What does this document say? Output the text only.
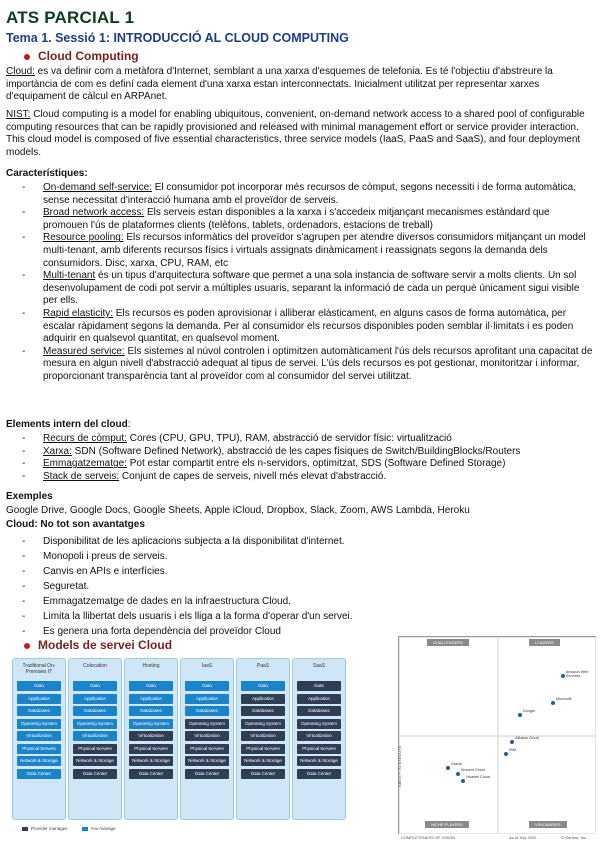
ATS PARCIAL 1
Tema 1. Sessió 1: INTRODUCCIÓ AL CLOUD COMPUTING
Cloud Computing
Cloud: es va definir com a metàfora d'Internet, semblant a una xarxa d'esquemes de telefonia. Es té l'objectiu d'abstreure la importància de com es definí cada element d'una xarxa estan interconnectats. Inicialment utilitzat per representar xarxes d'equipament de càlcul en ARPAnet.
NIST: Cloud computing is a model for enabling ubiquitous, convenient, on-demand network access to a shared pool of configurable computing resources that can be rapidly provisioned and released with minimal management effort or service provider interaction. This cloud model is composed of five essential characteristics, three service models (IaaS, PaaS and SaaS), and four deployment models.
Característiques:
- On-demand self-service: El consumidor pot incorporar més recursos de còmput, segons necessiti i de forma automàtica, sense necessitat d'interacció humana amb el proveïdor de serveis.
- Broad network access: Els serveis estan disponibles a la xarxa i s'accedeix mitjançant mecanismes estàndard que promouen l'ús de plataformes clients (telèfons, tablets, ordenadors, estacions de treball)
- Resource pooling: Els recursos informàtics del proveïdor s'agrupen per atendre diversos consumidors mitjançant un model multi-tenant, amb diferents recursos físics i virtuals assignats dinàmicament i reassignats segons la demanda dels consumidors. Disc, xarxa, CPU, RAM, etc
- Multi-tenant és un tipus d'arquitectura software que permet a una sola instancia de software servir a molts clients. Un sol desenvolupament de codi pot servir a múltiples usuaris, separant la informació de cada un perquè únicament sigui visible per ells.
- Rapid elasticity: Els recursos es poden aprovisionar i alliberar elàsticament, en alguns casos de forma automàtica, per escalar ràpidament segons la demanda. Per al consumidor els recursos disponibles poden semblar il·limitats i es poden adquirir en qualsevol quantitat, en qualsevol moment.
- Measured service: Els sistemes al núvol controlen i optimitzen automàticament l'ús dels recursos aprofitant una capacitat de mesura en algun nivell d'abstracció adequat al tipus de servei. L'ús dels recursos es pot gestionar, monitoritzar i informar, proporcionant transparència tant al proveïdor com al consumidor del servei utilitzat.
Elements intern del cloud:
- Recurs de còmput: Cores (CPU, GPU, TPU), RAM, abstracció de servidor físic: virtualització
- Xarxa: SDN (Software Defined Network), abstracció de les capes físiques de Switch/BuildingBlocks/Routers
- Emmagatzematge: Pot estar compartit entre els n-servidors, optimitzat, SDS (Software Defined Storage)
- Stack de serveis: Conjunt de capes de serveis, nivell més elevat d'abstracció.
Exemples
Google Drive, Google Docs, Google Sheets, Apple iCloud, Dropbox, Slack, Zoom, AWS Lambda, Heroku
Cloud: No tot son avantatges
- Disponibilitat de les aplicacions subjecta a la disponibilitat d'internet.
- Monopoli i preus de serveis.
- Canvis en APIs e interfícies.
- Seguretat.
- Emmagatzematge de dades en la infraestructura Cloud.
- Limita la llibertat dels usuaris i els lliga a la forma d'operar d'un servei.
- Es genera una forta dependència del proveïdor Cloud
Models de servei Cloud
Traditional On-Premises IT
Data
Application
Databases
Operating System
Virtualization
Physical Servers
Network & Storage
Data Center
Colocation
Data
Application
Databases
Operating System
Virtualization
Physical Servers
Network & Storage
Data Center
Hosting
Data
Application
Databases
Operating System
Virtualization
Physical Servers
Network & Storage
Data Center
IaaS
Data
Application
Databases
Operating System
Virtualization
Physical Servers
Network & Storage
Data Center
PaaS
Data
Application
Databases
Operating System
Virtualization
Physical Servers
Network & Storage
Data Center
SaaS
Data
Application
Databases
Operating System
Virtualization
Physical Servers
Network & Storage
Data Center
Provider manages	You manage
CHALLENGERS	LEADERS
NICHE PLAYERS	VISIONARIES
ABILITY TO EXECUTE
COMPLETENESS OF VISION	As of July 2022	© Gartner, Inc
Amazon Web Services
Microsoft
Google
Alibaba Cloud
IBM
Oracle
Tencent Cloud
Huawei Cloud
